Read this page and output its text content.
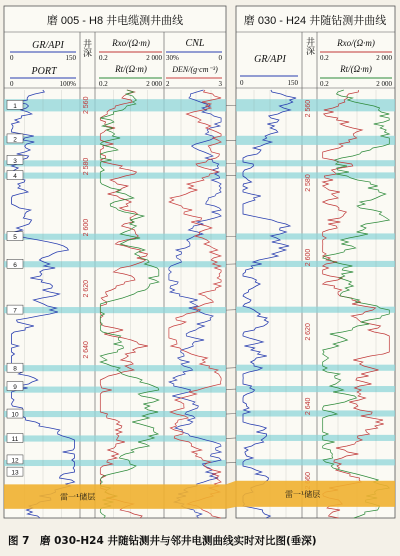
磨 005 - H8 井电缆测井曲线	磨 030 - H24 井随钻测井曲线
GR/API
0	150
PORT
0	100%
井深 Rxo/(Ω·m)
0.2	2 000
Rt/(Ω·m)
0.2	2 000
CNL
30%	0
DEN/(g·cm⁻³)
2	3
GR/API
0	150
井深	Rxo/(Ω·m)
0.2	2 000
Rt/(Ω·m)
0.2	2 000
2 560
2 580
2 600
2 620
2 640
2 560
2 580
2 600
2 620
2 640
1
2
3
4
5
6
7
8
9
10
11
12
13
雷一¹储层	雷一¹储层
图 7　磨 030-H24 井随钻测井与邻井电测曲线实时对比图(垂深)
